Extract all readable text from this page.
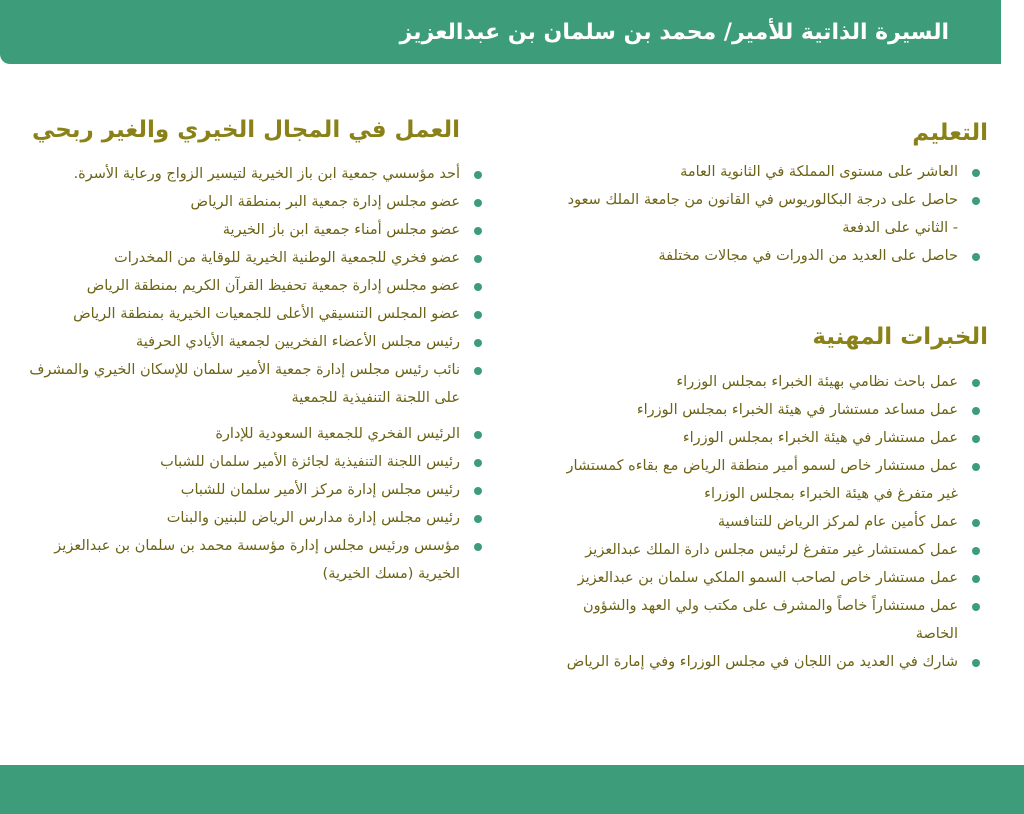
السيرة الذاتية للأمير/ محمد بن سلمان بن عبدالعزيز
التعليم
العاشر على مستوى المملكة في الثانوية العامة
حاصل على درجة البكالوريوس في القانون من جامعة الملك سعود - الثاني على الدفعة
حاصل على العديد من الدورات في مجالات مختلفة
الخبرات المهنية
عمل باحث نظامي بهيئة الخبراء بمجلس الوزراء
عمل مساعد مستشار في هيئة الخبراء بمجلس الوزراء
عمل مستشار في هيئة الخبراء بمجلس الوزراء
عمل مستشار خاص لسمو أمير منطقة الرياض مع بقاءه كمستشار غير متفرغ في هيئة الخبراء بمجلس الوزراء
عمل كأمين عام لمركز الرياض للتنافسية
عمل كمستشار غير متفرغ لرئيس مجلس دارة الملك عبدالعزيز
عمل مستشار خاص لصاحب السمو الملكي سلمان بن عبدالعزيز
عمل مستشاراً خاصاً والمشرف على مكتب ولي العهد والشؤون الخاصة
شارك في العديد من اللجان في مجلس الوزراء وفي إمارة الرياض
العمل في المجال الخيري والغير ربحي
أحد مؤسسي جمعية ابن باز الخيرية لتيسير الزواج ورعاية الأسرة.
عضو مجلس إدارة جمعية البر بمنطقة الرياض
عضو مجلس أمناء جمعية ابن باز الخيرية
عضو فخري للجمعية الوطنية الخيرية للوقاية من المخدرات
عضو مجلس إدارة جمعية تحفيظ القرآن الكريم بمنطقة الرياض
عضو المجلس التنسيقي الأعلى للجمعيات الخيرية بمنطقة الرياض
رئيس مجلس الأعضاء الفخريين لجمعية الأيادي الحرفية
نائب رئيس مجلس إدارة جمعية الأمير سلمان للإسكان الخيري والمشرف على اللجنة التنفيذية للجمعية
الرئيس الفخري للجمعية السعودية للإدارة
رئيس اللجنة التنفيذية لجائزة الأمير سلمان للشباب
رئيس مجلس إدارة مركز الأمير سلمان للشباب
رئيس مجلس إدارة مدارس الرياض للبنين والبنات
مؤسس ورئيس مجلس إدارة مؤسسة محمد بن سلمان بن عبدالعزيز الخيرية (مسك الخيرية)
